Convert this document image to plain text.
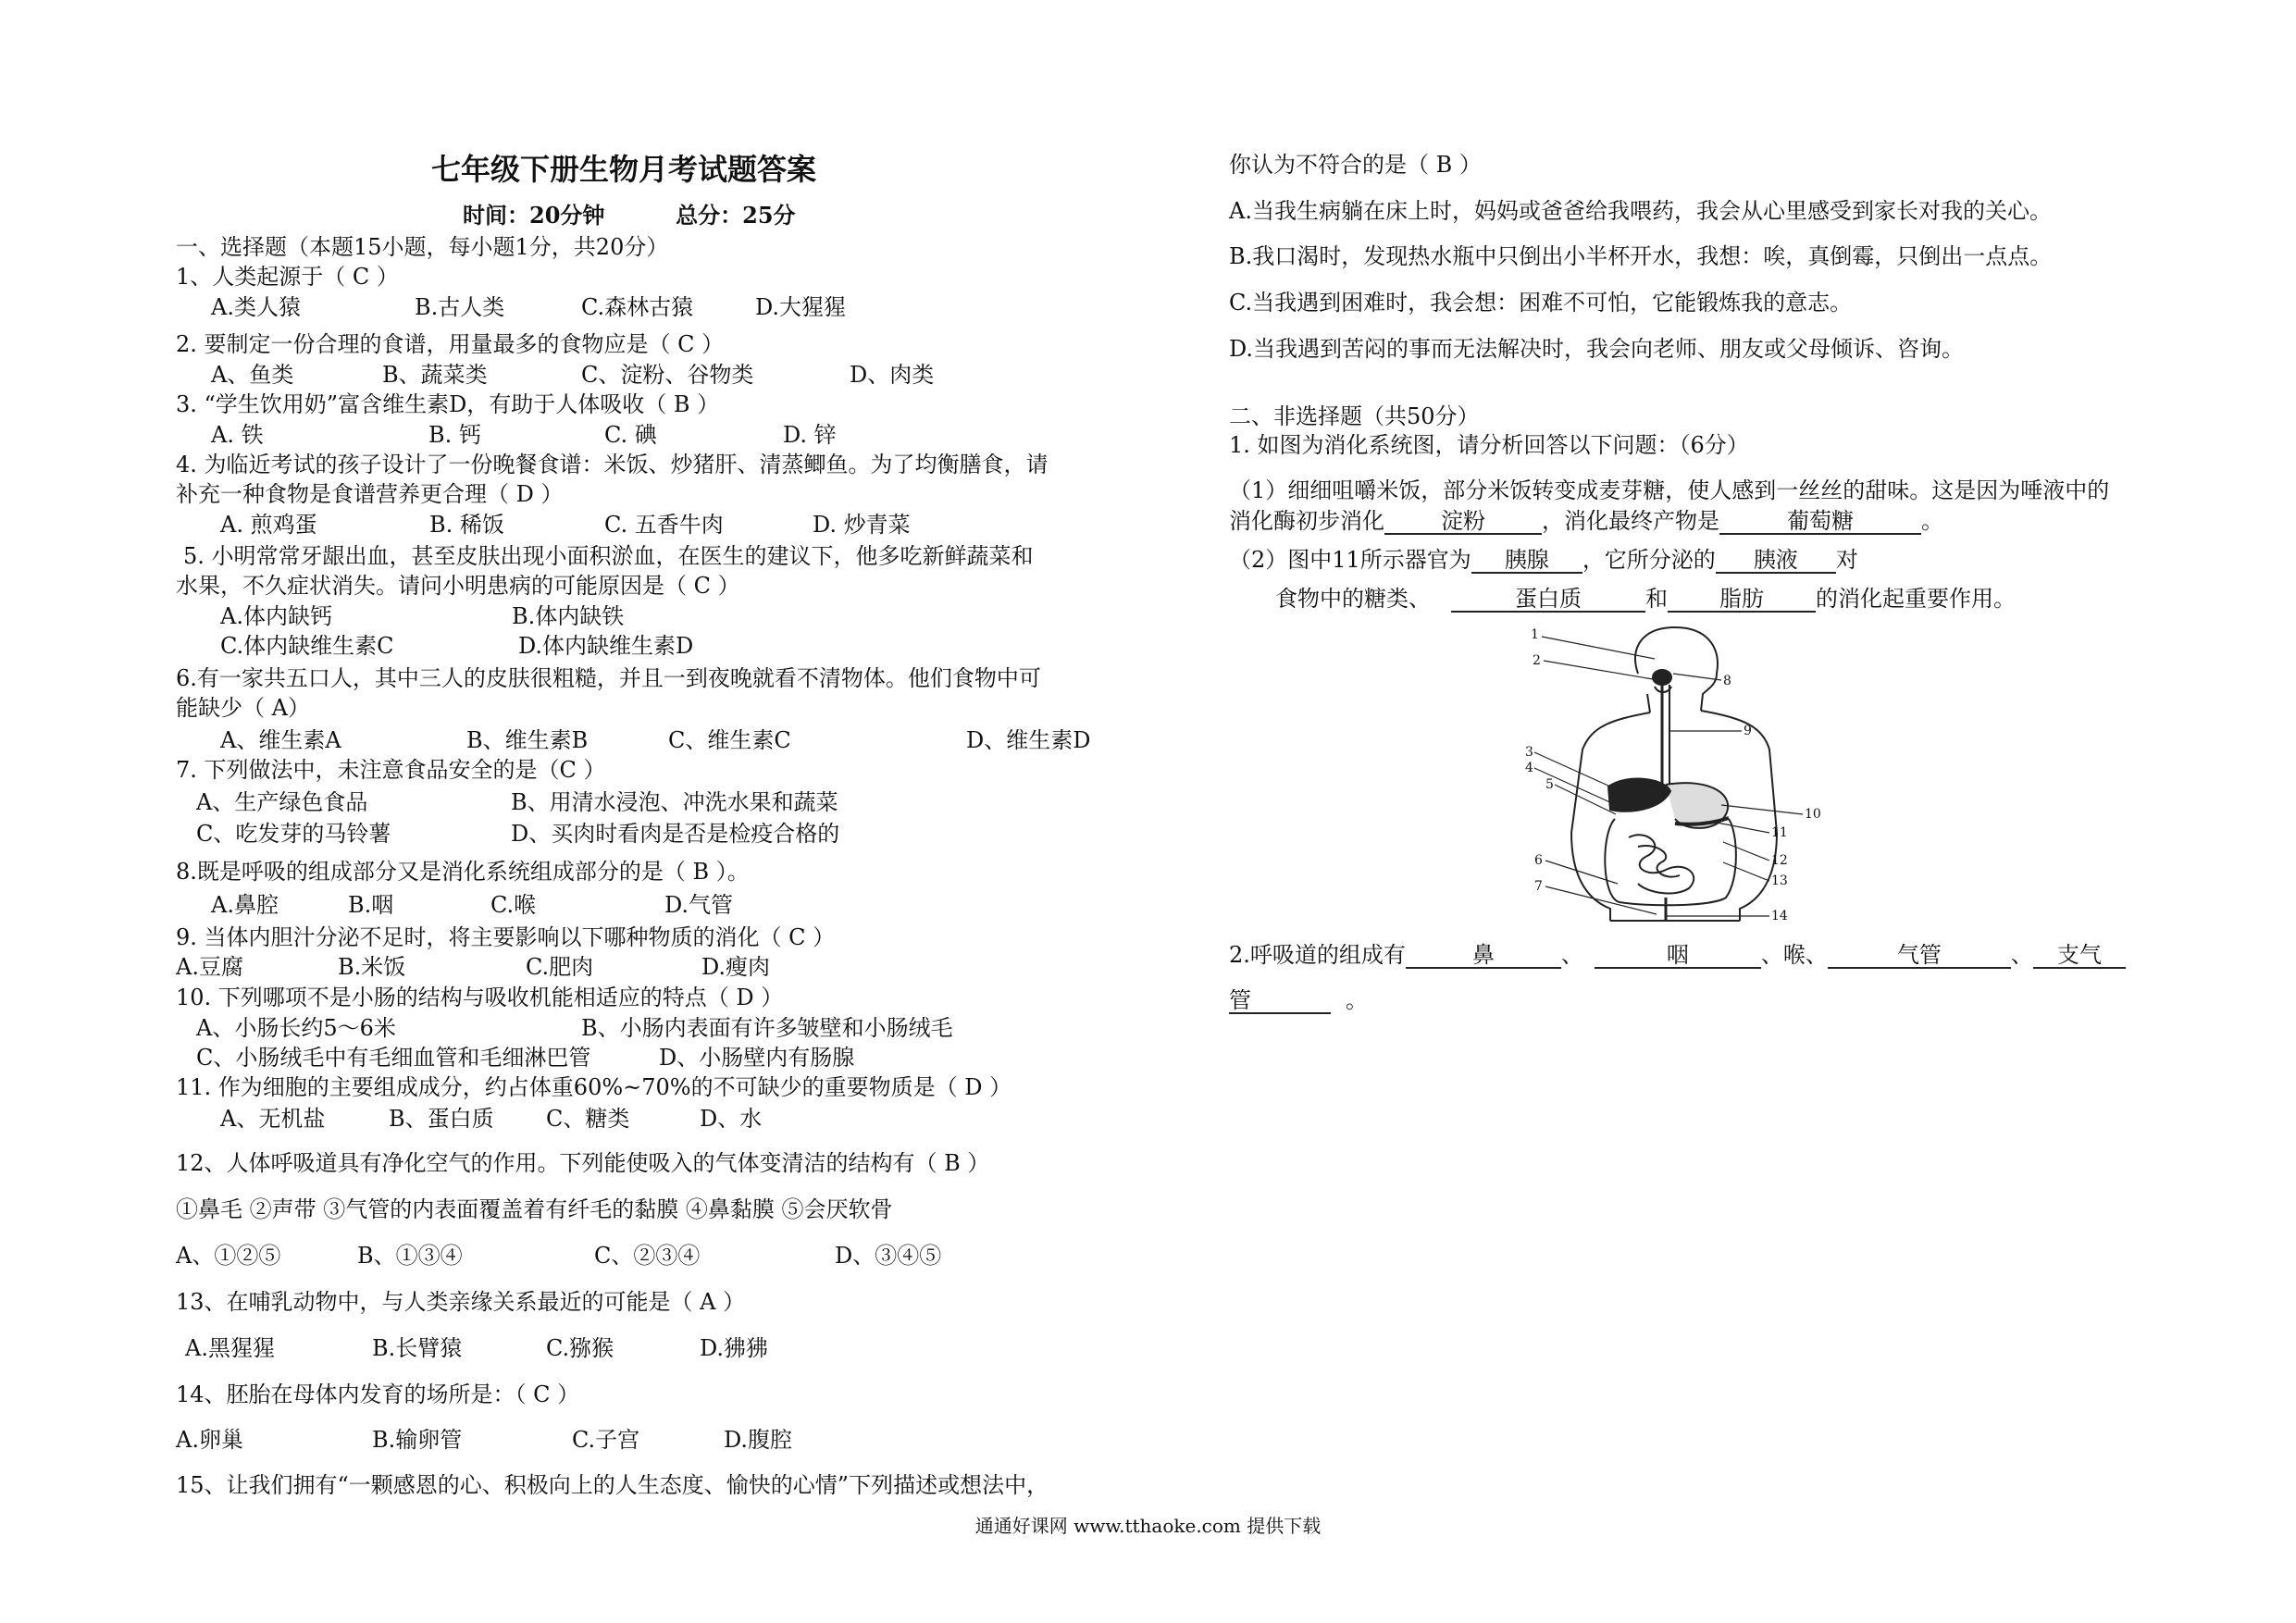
七年级下册生物月考试题答案
时间：20分钟	总分：25分
一、选择题（本题15小题，每小题1分，共20分）
1、人类起源于（ C ）
A.类人猿	B.古人类	C.森林古猿	D.大猩猩
2. 要制定一份合理的食谱，用量最多的食物应是（ C ）
A、鱼类	B、蔬菜类	C、淀粉、谷物类	D、肉类
3. “学生饮用奶”富含维生素D，有助于人体吸收（ B ）
A. 铁	B. 钙	C. 碘	D. 锌
4. 为临近考试的孩子设计了一份晚餐食谱：米饭、炒猪肝、清蒸鲫鱼。为了均衡膳食，请
补充一种食物是食谱营养更合理（ D ）
A. 煎鸡蛋	B. 稀饭	C. 五香牛肉	D. 炒青菜
5. 小明常常牙龈出血，甚至皮肤出现小面积淤血，在医生的建议下，他多吃新鲜蔬菜和
水果，不久症状消失。请问小明患病的可能原因是（ C ）
A.体内缺钙	B.体内缺铁
C.体内缺维生素C	D.体内缺维生素D
6.有一家共五口人，其中三人的皮肤很粗糙，并且一到夜晚就看不清物体。他们食物中可
能缺少（ A）
A、维生素A	B、维生素B	C、维生素C	D、维生素D
7. 下列做法中，未注意食品安全的是（C ）
A、生产绿色食品	B、用清水浸泡、冲洗水果和蔬菜
C、吃发芽的马铃薯	D、买肉时看肉是否是检疫合格的
8.既是呼吸的组成部分又是消化系统组成部分的是（ B ）。
A.鼻腔	B.咽	C.喉	D.气管
9. 当体内胆汁分泌不足时，将主要影响以下哪种物质的消化（ C ）
A.豆腐	B.米饭	C.肥肉	D.瘦肉
10. 下列哪项不是小肠的结构与吸收机能相适应的特点（ D ）
A、小肠长约5～6米	B、小肠内表面有许多皱壁和小肠绒毛
C、小肠绒毛中有毛细血管和毛细淋巴管	D、小肠壁内有肠腺
11. 作为细胞的主要组成成分，约占体重60%~70%的不可缺少的重要物质是（ D ）
A、无机盐	B、蛋白质 C、糖类	D、水
12、人体呼吸道具有净化空气的作用。下列能使吸入的气体变清洁的结构有（ B ）
①鼻毛 ②声带 ③气管的内表面覆盖着有纤毛的黏膜 ④鼻黏膜 ⑤会厌软骨
A、①②⑤	B、①③④	C、②③④	D、③④⑤
13、在哺乳动物中，与人类亲缘关系最近的可能是（ A ）
A.黑猩猩	B.长臂猿	C.猕猴	D.狒狒
14、胚胎在母体内发育的场所是：（ C ）
A.卵巢	B.输卵管	C.子宫	D.腹腔
15、让我们拥有“一颗感恩的心、积极向上的人生态度、愉快的心情”下列描述或想法中，
你认为不符合的是（ B ）
A.当我生病躺在床上时，妈妈或爸爸给我喂药，我会从心里感受到家长对我的关心。
B.我口渴时，发现热水瓶中只倒出小半杯开水，我想：唉，真倒霉，只倒出一点点。
C.当我遇到困难时，我会想：困难不可怕，它能锻炼我的意志。
D.当我遇到苦闷的事而无法解决时，我会向老师、朋友或父母倾诉、咨询。
二、非选择题（共50分）
1. 如图为消化系统图，请分析回答以下问题：（6分）
（1）细细咀嚼米饭，部分米饭转变成麦芽糖，使人感到一丝丝的甜味。这是因为唾液中的
消化酶初步消化	淀粉	，消化最终产物是	葡萄糖	。
（2）图中11所示器官为 胰腺 ，它所分泌的 胰液 对
食物中的糖类、	蛋白质	和 脂肪 的消化起重要作用。
1
2
3
4
5
6
7
8
9
10
11
12
13
14
2.呼吸道的组成有	鼻	、	咽	、喉、	气管	、 支气
管	。
通通好课网 www.tthaoke.com 提供下载
